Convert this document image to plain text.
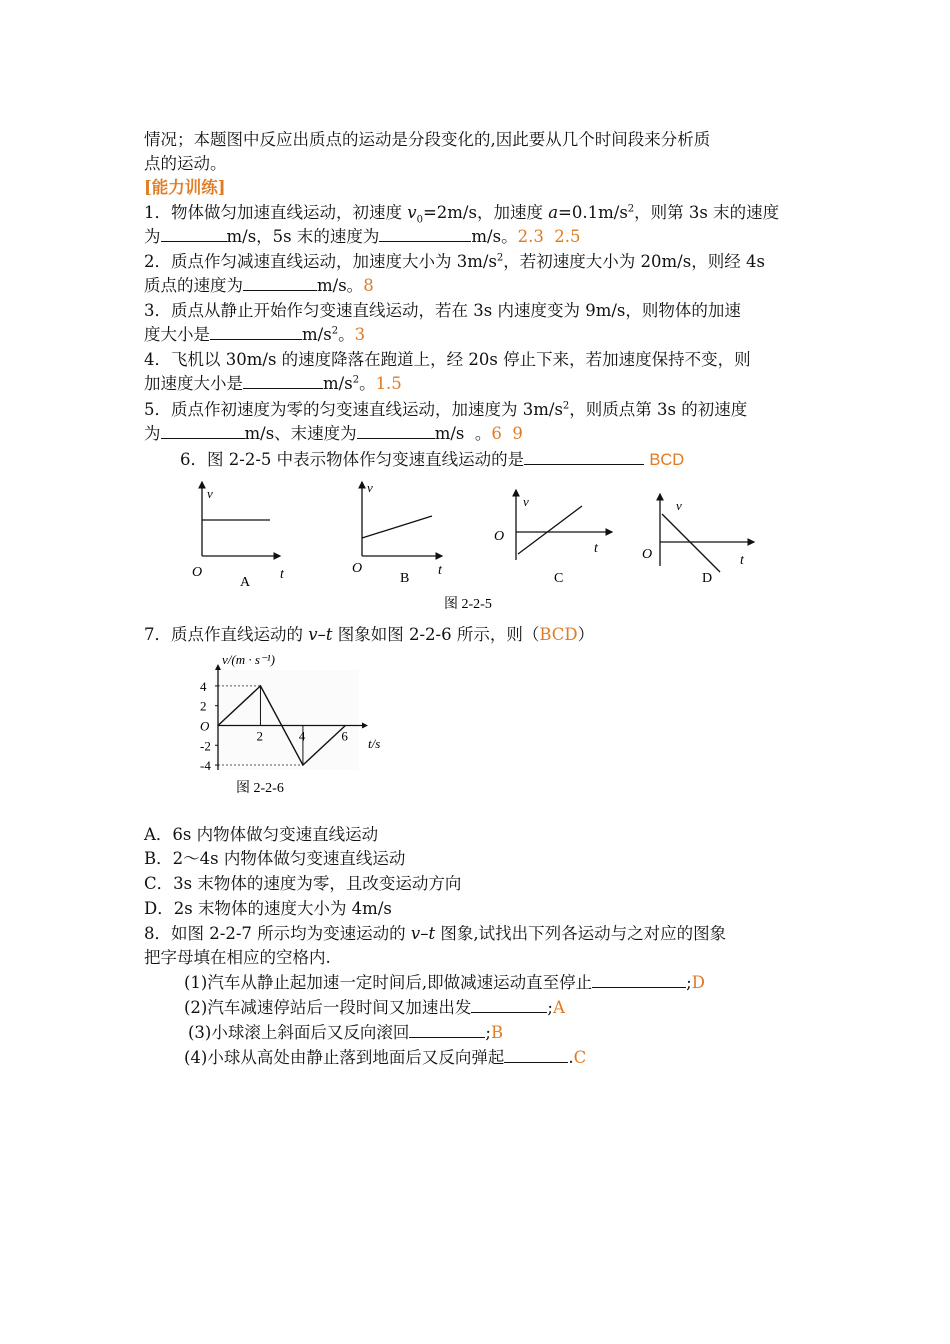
情况；本题图中反应出质点的运动是分段变化的,因此要从几个时间段来分析质
点的运动。
[能力训练]
1．物体做匀加速直线运动，初速度 $v_0=2m/s$，加速度 $a=0.1m/s^2$，则第 3s 末的速度
为	m/s，5s 末的速度为	m/s。2.3  2.5
2．质点作匀减速直线运动，加速度大小为 $3m/s^2$，若初速度大小为 20m/s，则经 4s
质点的速度为	m/s。8
3．质点从静止开始作匀变速直线运动，若在 3s 内速度变为 9m/s，则物体的加速
度大小是	$m/s^2$。3
4．飞机以 30m/s 的速度降落在跑道上，经 20s 停止下来，若加速度保持不变，则
加速度大小是	$m/s^2$。1.5
5．质点作初速度为零的匀变速直线运动，加速度为 $3m/s^2$，则质点第 3s 的初速度
为	m/s、末速度为	m/s  。6  9
6．图 2-2-5 中表示物体作匀变速直线运动的是	BCD
v
O	t
A
v
O	t
B
v
O
t
C
v
O	t
D
图 2-2-5
7．质点作直线运动的 v–t 图象如图 2-2-6 所示，则（BCD）
4
2
O
-2
-4
2	4	6
v/(m · s⁻¹)
t/s
图 2-2-6
A．6s 内物体做匀变速直线运动
B．2～4s 内物体做匀变速直线运动
C．3s 末物体的速度为零，且改变运动方向
D．2s 末物体的速度大小为 4m/s
8．如图 2-2-7 所示均为变速运动的 v–t 图象,试找出下列各运动与之对应的图象
把字母填在相应的空格内.
(1)汽车从静止起加速一定时间后,即做减速运动直至停止	;D
(2)汽车减速停站后一段时间又加速出发	;A
(3)小球滚上斜面后又反向滚回	;B
(4)小球从高处由静止落到地面后又反向弹起	.C
